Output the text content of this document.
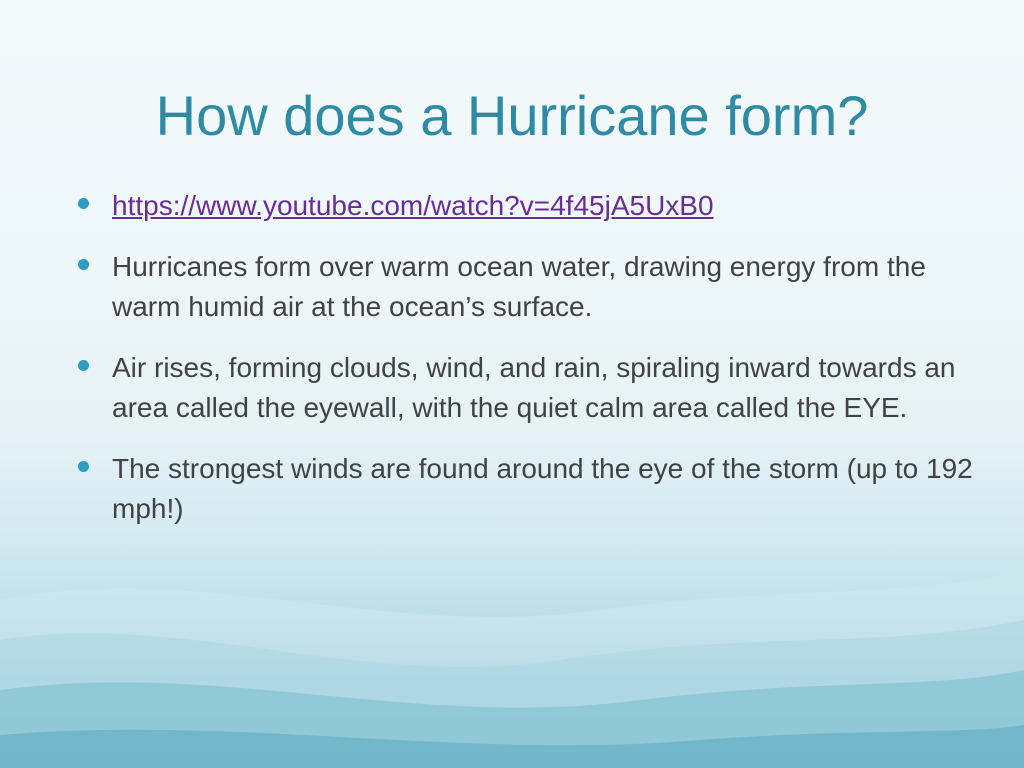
How does a Hurricane form?
https://www.youtube.com/watch?v=4f45jA5UxB0
Hurricanes form over warm ocean water, drawing energy from the warm humid air at the ocean’s surface.
Air rises, forming clouds, wind, and rain, spiraling inward towards an area called the eyewall, with the quiet calm area called the EYE.
The strongest winds are found around the eye of the storm (up to 192 mph!)
